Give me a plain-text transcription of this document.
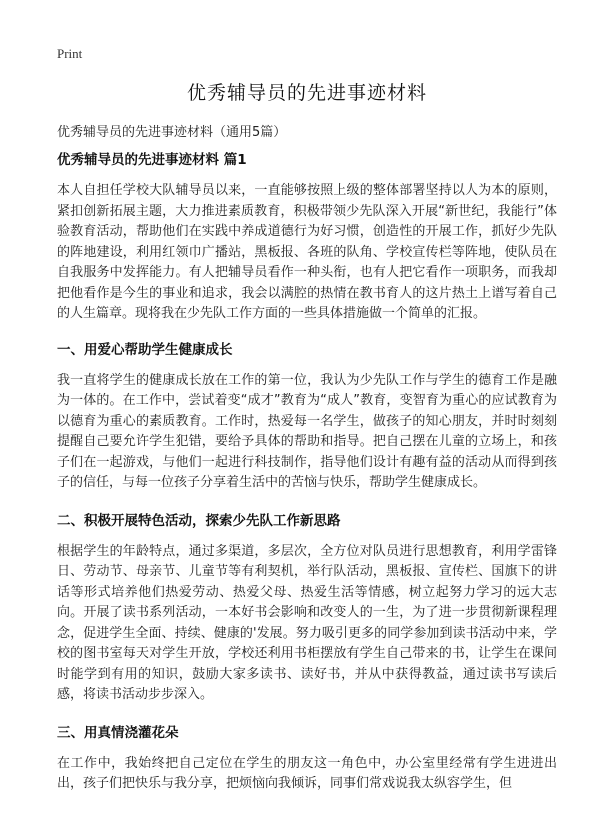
Print
优秀辅导员的先进事迹材料

优秀辅导员的先进事迹材料（通用5篇）

优秀辅导员的先进事迹材料 篇1

本人自担任学校大队辅导员以来，一直能够按照上级的整体部署坚持以人为本的原则，紧扣创新拓展主题，大力推进素质教育，积极带领少先队深入开展“新世纪，我能行”体验教育活动，帮助他们在实践中养成道德行为好习惯，创造性的开展工作，抓好少先队的阵地建设，利用红领巾广播站，黑板报、各班的队角、学校宣传栏等阵地，使队员在自我服务中发挥能力。有人把辅导员看作一种头衔，也有人把它看作一项职务，而我却把他看作是今生的事业和追求，我会以满腔的热情在教书育人的这片热土上谱写着自己的人生篇章。现将我在少先队工作方面的一些具体措施做一个简单的汇报。

一、用爱心帮助学生健康成长

我一直将学生的健康成长放在工作的第一位，我认为少先队工作与学生的德育工作是融为一体的。在工作中，尝试着变“成才”教育为“成人”教育，变智育为重心的应试教育为以德育为重心的素质教育。工作时，热爱每一名学生，做孩子的知心朋友，并时时刻刻提醒自己要允许学生犯错，要给予具体的帮助和指导。把自己摆在儿童的立场上，和孩子们在一起游戏，与他们一起进行科技制作，指导他们设计有趣有益的活动从而得到孩子的信任，与每一位孩子分享着生活中的苦恼与快乐，帮助学生健康成长。

二、积极开展特色活动，探索少先队工作新思路

根据学生的年龄特点，通过多渠道，多层次，全方位对队员进行思想教育，利用学雷锋日、劳动节、母亲节、儿童节等有利契机，举行队活动，黑板报、宣传栏、国旗下的讲话等形式培养他们热爱劳动、热爱父母、热爱生活等情感，树立起努力学习的远大志向。开展了读书系列活动，一本好书会影响和改变人的一生，为了进一步贯彻新课程理念，促进学生全面、持续、健康的'发展。努力吸引更多的同学参加到读书活动中来，学校的图书室每天对学生开放，学校还利用书柜摆放有学生自己带来的书，让学生在课间时能学到有用的知识，鼓励大家多读书、读好书，并从中获得教益，通过读书写读后感，将读书活动步步深入。

三、用真情浇灌花朵

在工作中，我始终把自己定位在学生的朋友这一角色中，办公室里经常有学生进进出出，孩子们把快乐与我分享，把烦恼向我倾诉，同事们常戏说我太纵容学生，但
